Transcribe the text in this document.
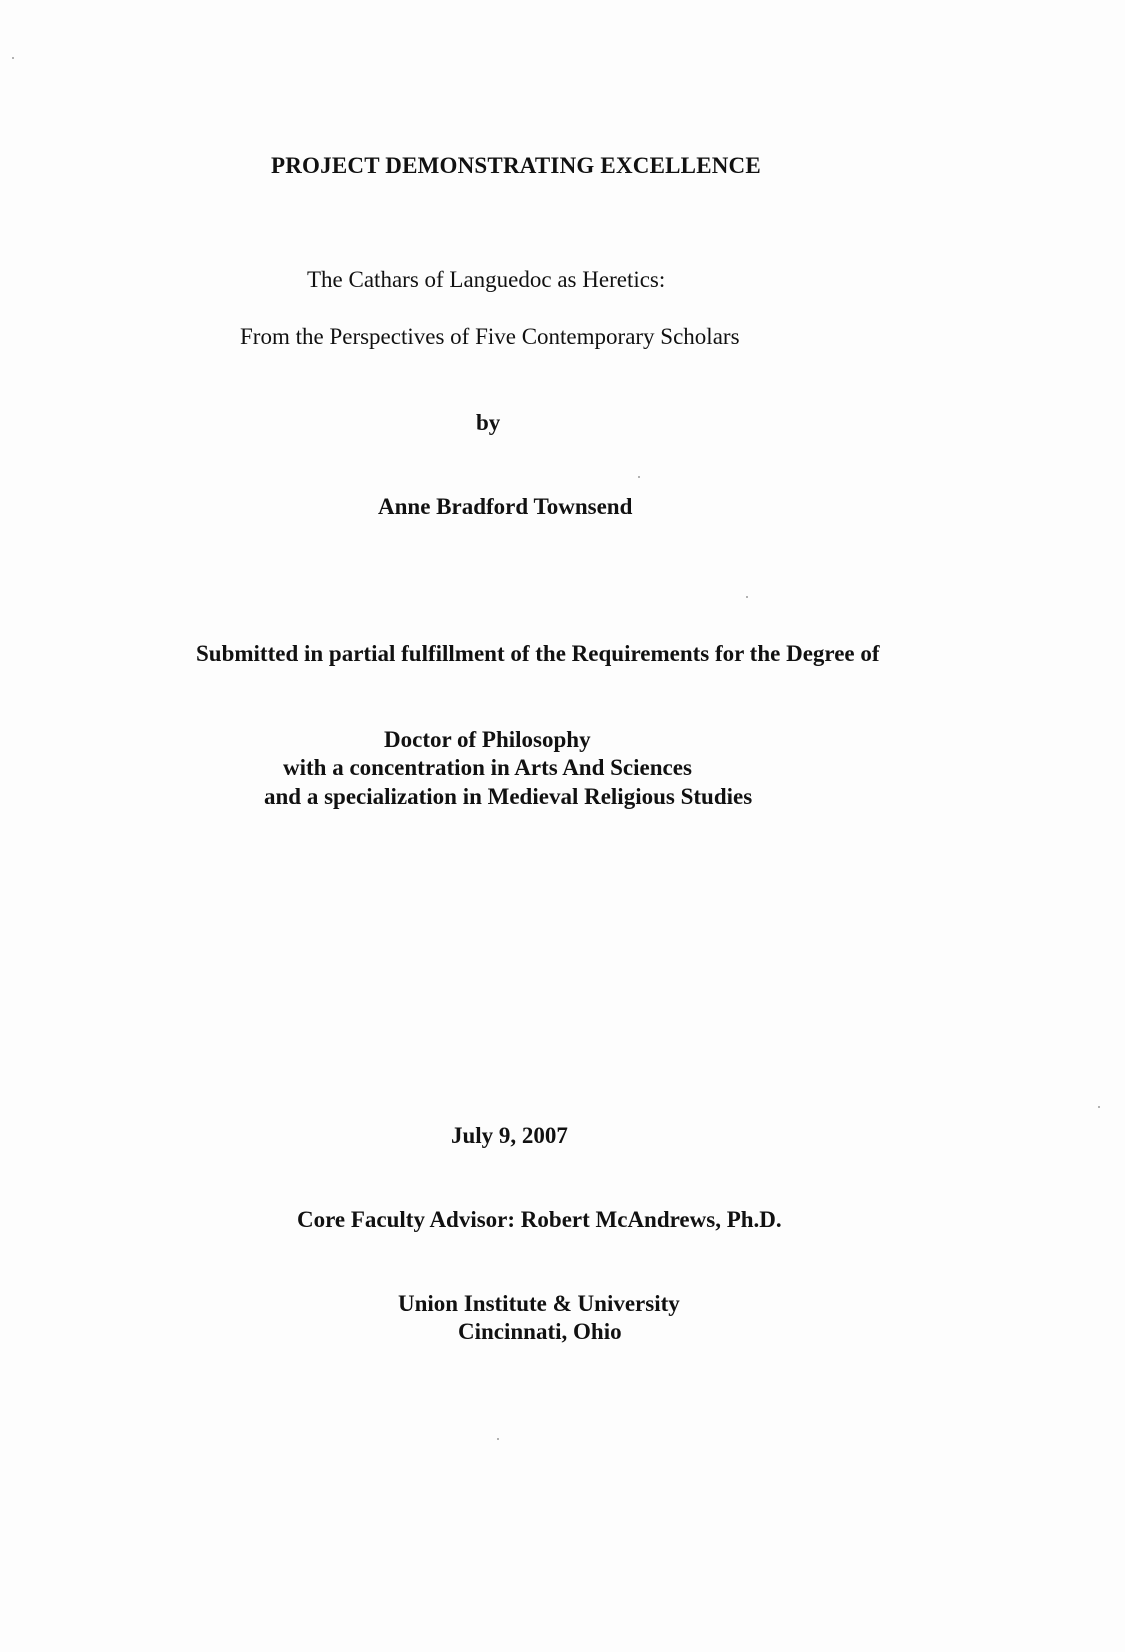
PROJECT DEMONSTRATING EXCELLENCE
The Cathars of Languedoc as Heretics:
From the Perspectives of Five Contemporary Scholars
by
Anne Bradford Townsend
Submitted in partial fulfillment of the Requirements for the Degree of
Doctor of Philosophy
with a concentration in Arts And Sciences
and a specialization in Medieval Religious Studies
July 9, 2007
Core Faculty Advisor: Robert McAndrews, Ph.D.
Union Institute & University
Cincinnati, Ohio
